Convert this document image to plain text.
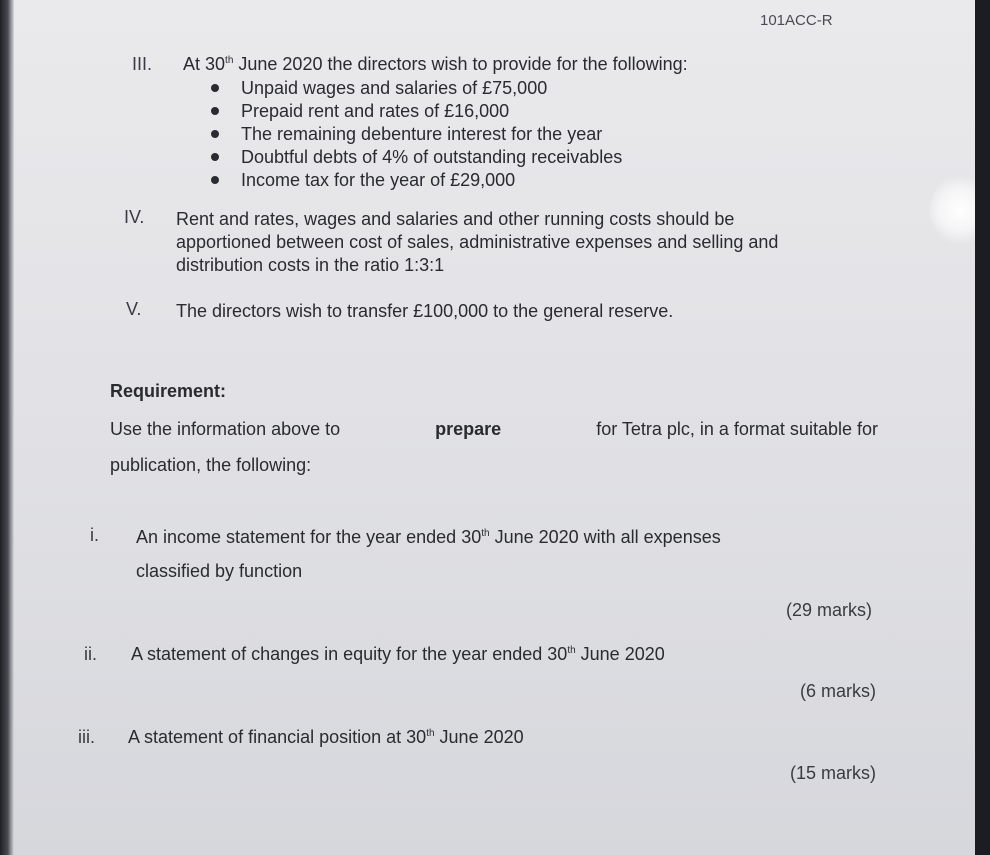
101ACC-R
III. At 30th June 2020 the directors wish to provide for the following:
Unpaid wages and salaries of £75,000
Prepaid rent and rates of £16,000
The remaining debenture interest for the year
Doubtful debts of 4% of outstanding receivables
Income tax for the year of £29,000
IV. Rent and rates, wages and salaries and other running costs should be
apportioned between cost of sales, administrative expenses and selling and
distribution costs in the ratio 1:3:1
V. The directors wish to transfer £100,000 to the general reserve.
Requirement:
Use the information above to	prepare	for Tetra plc, in a format suitable for
publication, the following:
i. An income statement for the year ended 30th June 2020 with all expenses
classified by function
(29 marks)
ii. A statement of changes in equity for the year ended 30th June 2020
(6 marks)
iii. A statement of financial position at 30th June 2020
(15 marks)
